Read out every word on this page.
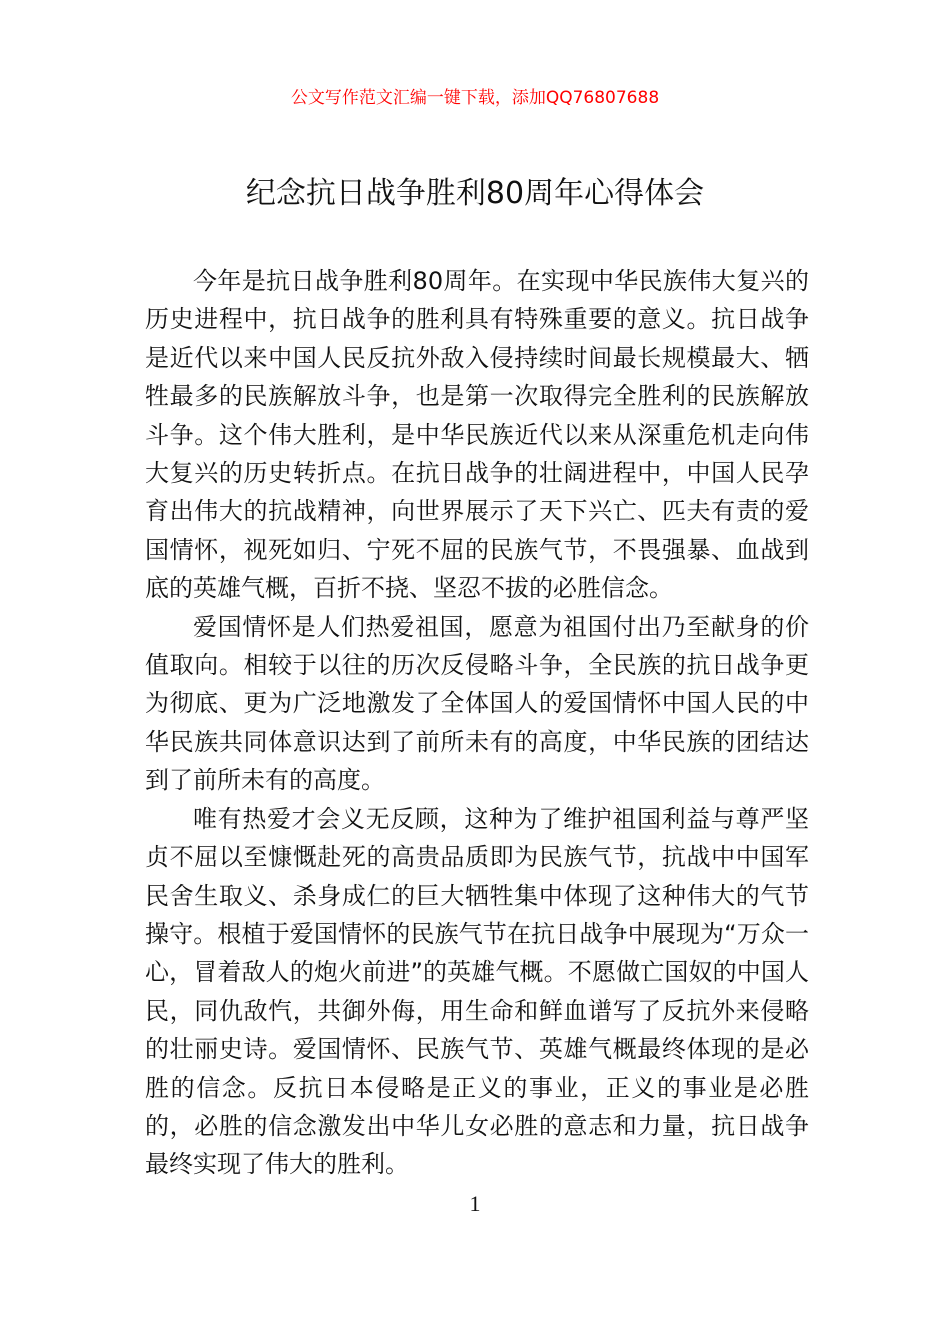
公文写作范文汇编一键下载，添加QQ76807688
纪念抗日战争胜利80周年心得体会

今年是抗日战争胜利80周年。在实现中华民族伟大复兴的历史进程中，抗日战争的胜利具有特殊重要的意义。抗日战争是近代以来中国人民反抗外敌入侵持续时间最长规模最大、牺牲最多的民族解放斗争，也是第一次取得完全胜利的民族解放斗争。这个伟大胜利，是中华民族近代以来从深重危机走向伟大复兴的历史转折点。在抗日战争的壮阔进程中，中国人民孕育出伟大的抗战精神，向世界展示了天下兴亡、匹夫有责的爱国情怀，视死如归、宁死不屈的民族气节，不畏强暴、血战到底的英雄气概，百折不挠、坚忍不拔的必胜信念。

爱国情怀是人们热爱祖国，愿意为祖国付出乃至献身的价值取向。相较于以往的历次反侵略斗争，全民族的抗日战争更为彻底、更为广泛地激发了全体国人的爱国情怀中国人民的中华民族共同体意识达到了前所未有的高度，中华民族的团结达到了前所未有的高度。

唯有热爱才会义无反顾，这种为了维护祖国利益与尊严坚贞不屈以至慷慨赴死的高贵品质即为民族气节，抗战中中国军民舍生取义、杀身成仁的巨大牺牲集中体现了这种伟大的气节操守。根植于爱国情怀的民族气节在抗日战争中展现为“万众一心，冒着敌人的炮火前进”的英雄气概。不愿做亡国奴的中国人民，同仇敌忾，共御外侮，用生命和鲜血谱写了反抗外来侵略的壮丽史诗。爱国情怀、民族气节、英雄气概最终体现的是必胜的信念。反抗日本侵略是正义的事业，正义的事业是必胜的，必胜的信念激发出中华儿女必胜的意志和力量，抗日战争最终实现了伟大的胜利。

1
